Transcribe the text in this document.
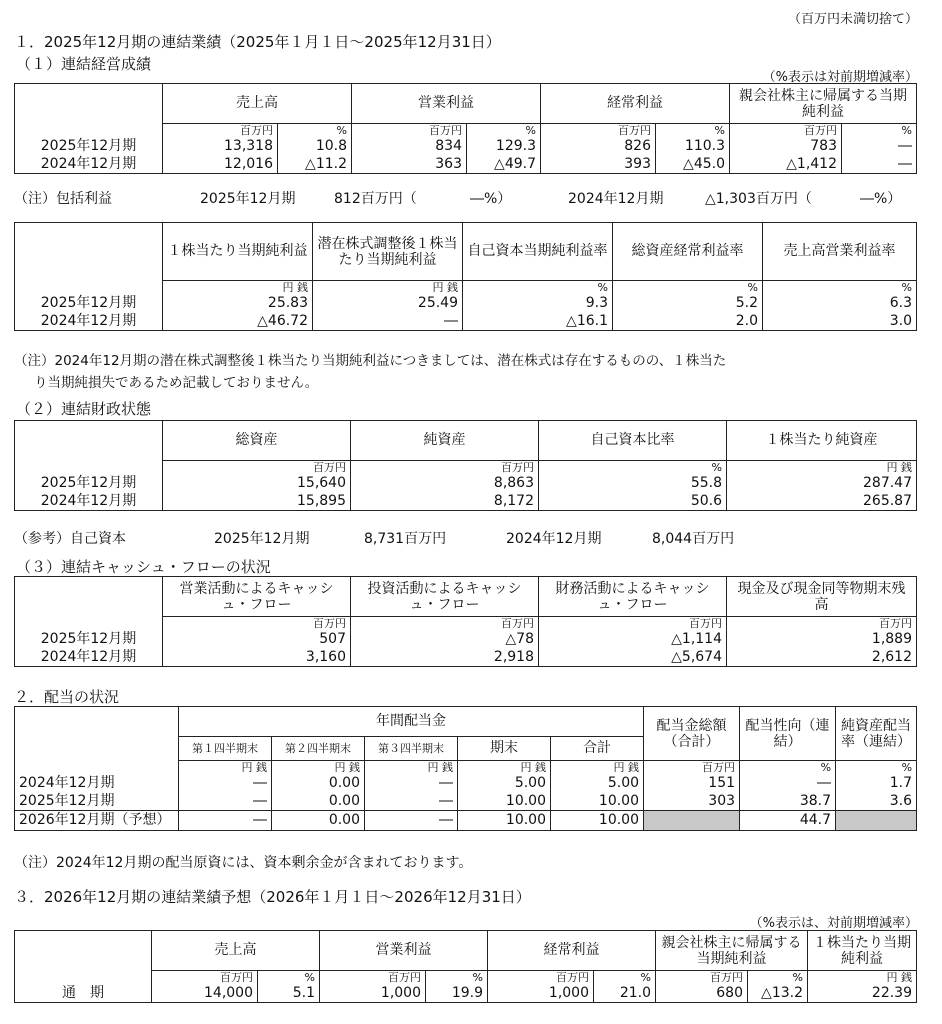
（百万円未満切捨て）
１．2025年12月期の連結業績（2025年１月１日～2025年12月31日）
（１）連結経営成績
（%表示は対前期増減率）
	売上高		営業利益		経常利益		親会社株主に帰属する当期純利益	
	百万円	%	百万円	%	百万円	%	百万円	%
2025年12月期	13,318	10.8	834	129.3	826	110.3	783	―
2024年12月期	12,016	△11.2	363	△49.7	393	△45.0	△1,412	―
（注）包括利益	2025年12月期	812百万円（	―%）	2024年12月期	△1,303百万円（	―%）
	１株当たり当期純利益	潜在株式調整後１株当たり当期純利益	自己資本当期純利益率	総資産経常利益率	売上高営業利益率
	円 銭	円 銭	%	%	%
2025年12月期	25.83	25.49	9.3	5.2	6.3
2024年12月期	△46.72	―	△16.1	2.0	3.0
（注）2024年12月期の潜在株式調整後１株当たり当期純利益につきましては、潜在株式は存在するものの、１株当た
り当期純損失であるため記載しておりません。
（２）連結財政状態
	総資産	純資産	自己資本比率	１株当たり純資産
	百万円	百万円	%	円 銭
2025年12月期	15,640	8,863	55.8	287.47
2024年12月期	15,895	8,172	50.6	265.87
（参考）自己資本	2025年12月期	8,731百万円	2024年12月期	8,044百万円
（３）連結キャッシュ・フローの状況
	営業活動によるキャッシュ・フロー	投資活動によるキャッシュ・フロー	財務活動によるキャッシュ・フロー	現金及び現金同等物期末残高
	百万円	百万円	百万円	百万円
2025年12月期	507	△78	△1,114	1,889
2024年12月期	3,160	2,918	△5,674	2,612
２．配当の状況
	年間配当金					配当金総額（合計）	配当性向（連結）	純資産配当率（連結）
	第１四半期末	第２四半期末	第３四半期末	期末	合計			
	円 銭	円 銭	円 銭	円 銭	円 銭	百万円	%	%
2024年12月期	―	0.00	―	5.00	5.00	151	―	1.7
2025年12月期	―	0.00	―	10.00	10.00	303	38.7	3.6
2026年12月期（予想）	―	0.00	―	10.00	10.00		44.7	
（注）2024年12月期の配当原資には、資本剰余金が含まれております。
３．2026年12月期の連結業績予想（2026年１月１日～2026年12月31日）
（%表示は、対前期増減率）
	売上高		営業利益		経常利益		親会社株主に帰属する当期純利益		１株当たり当期純利益
	百万円	%	百万円	%	百万円	%	百万円	%	円 銭
通　期	14,000	5.1	1,000	19.9	1,000	21.0	680	△13.2	22.39
